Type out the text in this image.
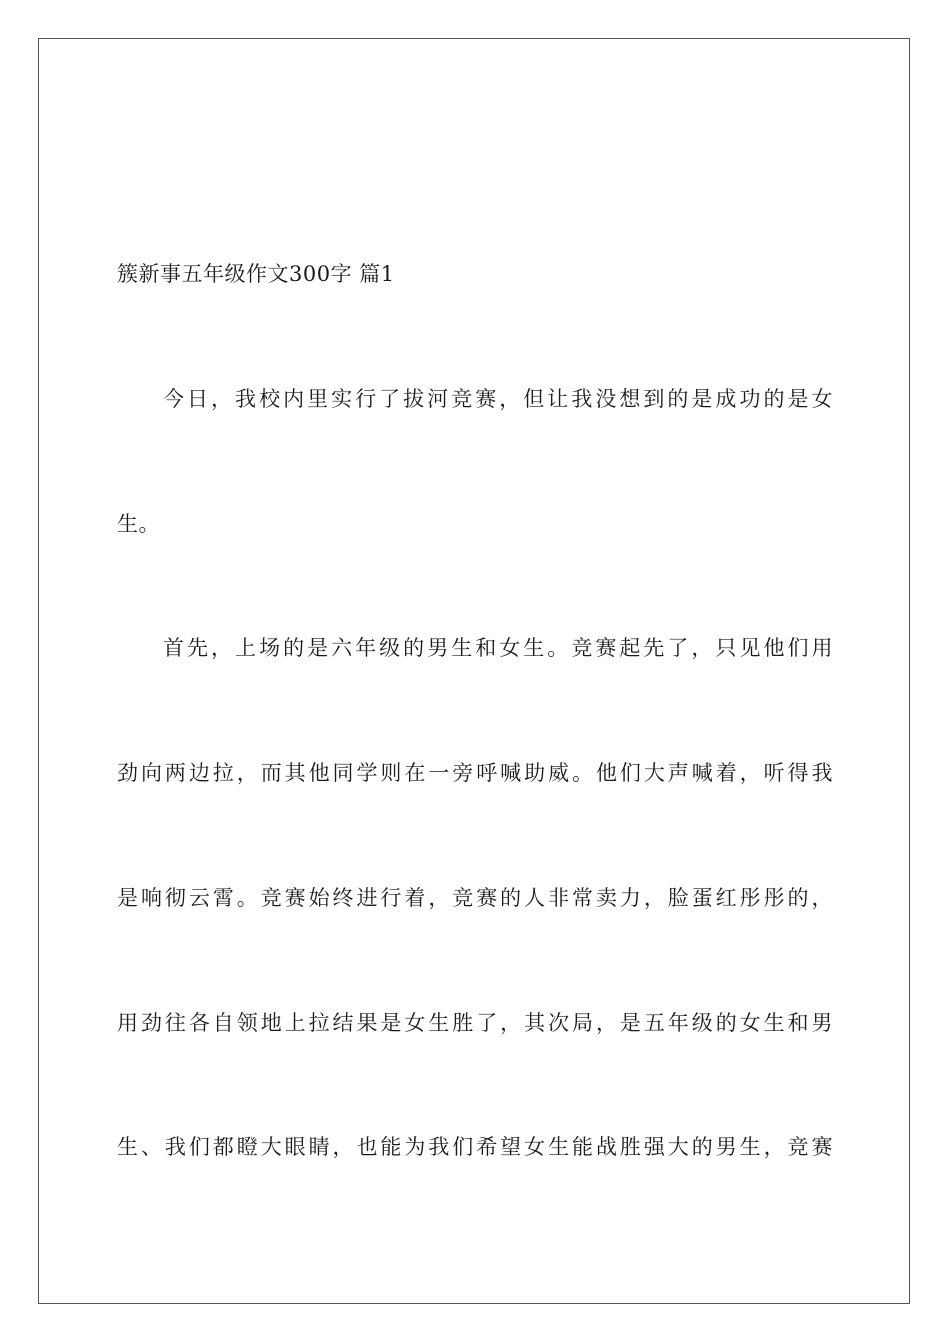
簇新事五年级作文300字 篇1
今日，我校内里实行了拔河竞赛，但让我没想到的是成功的是女
生。
首先，上场的是六年级的男生和女生。竞赛起先了，只见他们用
劲向两边拉，而其他同学则在一旁呼喊助威。他们大声喊着，听得我
是响彻云霄。竞赛始终进行着，竞赛的人非常卖力，脸蛋红彤彤的，
用劲往各自领地上拉结果是女生胜了，其次局，是五年级的女生和男
生、我们都瞪大眼睛，也能为我们希望女生能战胜强大的男生，竞赛
